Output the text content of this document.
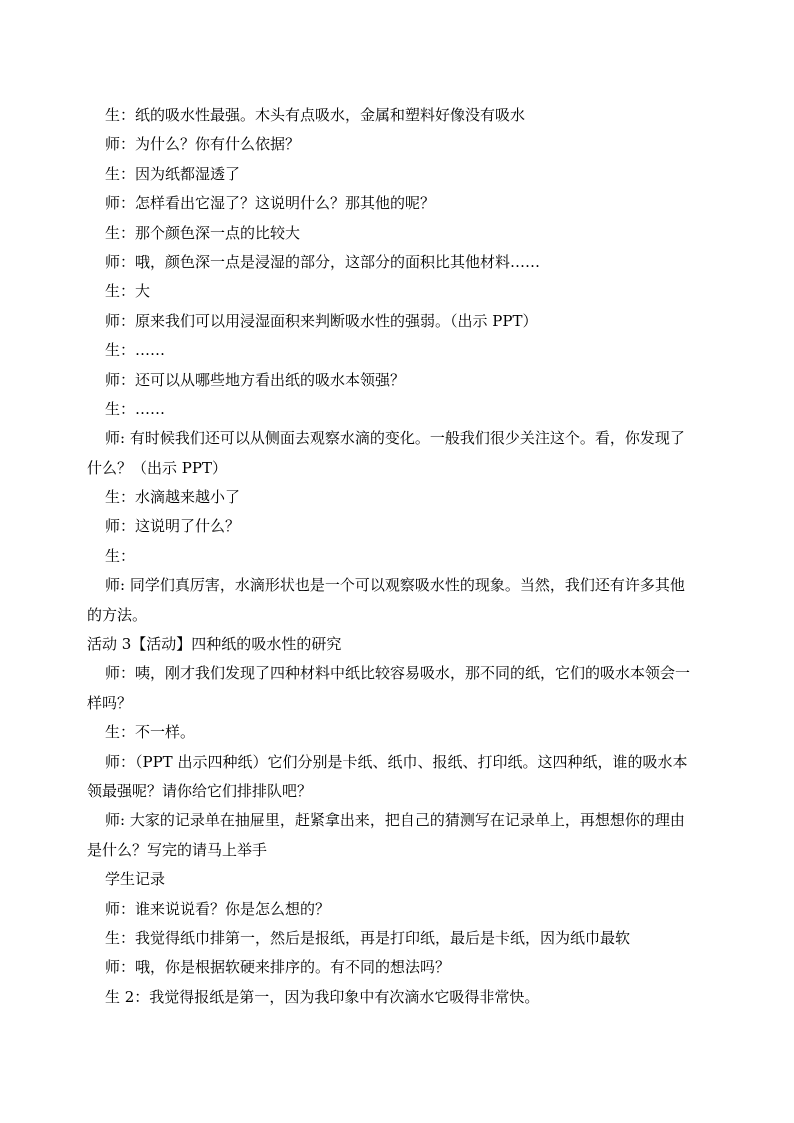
生：纸的吸水性最强。木头有点吸水，金属和塑料好像没有吸水
师：为什么？你有什么依据？
生：因为纸都湿透了
师：怎样看出它湿了？这说明什么？那其他的呢？
生：那个颜色深一点的比较大
师：哦，颜色深一点是浸湿的部分，这部分的面积比其他材料……
生：大
师：原来我们可以用浸湿面积来判断吸水性的强弱。（出示 PPT）
生：……
师：还可以从哪些地方看出纸的吸水本领强？
生：……
师: 有时候我们还可以从侧面去观察水滴的变化。一般我们很少关注这个。看，你发现了
什么？（出示 PPT）
生：水滴越来越小了
师：这说明了什么？
生：
师: 同学们真厉害，水滴形状也是一个可以观察吸水性的现象。当然，我们还有许多其他
的方法。
活动 3【活动】四种纸的吸水性的研究
师：咦，刚才我们发现了四种材料中纸比较容易吸水，那不同的纸，它们的吸水本领会一
样吗？
生：不一样。
师：（PPT 出示四种纸）它们分别是卡纸、纸巾、报纸、打印纸。这四种纸，谁的吸水本
领最强呢？请你给它们排排队吧？
师: 大家的记录单在抽屉里，赶紧拿出来，把自己的猜测写在记录单上，再想想你的理由
是什么？写完的请马上举手
学生记录
师：谁来说说看？你是怎么想的？
生：我觉得纸巾排第一，然后是报纸，再是打印纸，最后是卡纸，因为纸巾最软
师：哦，你是根据软硬来排序的。有不同的想法吗？
生 2：我觉得报纸是第一，因为我印象中有次滴水它吸得非常快。
